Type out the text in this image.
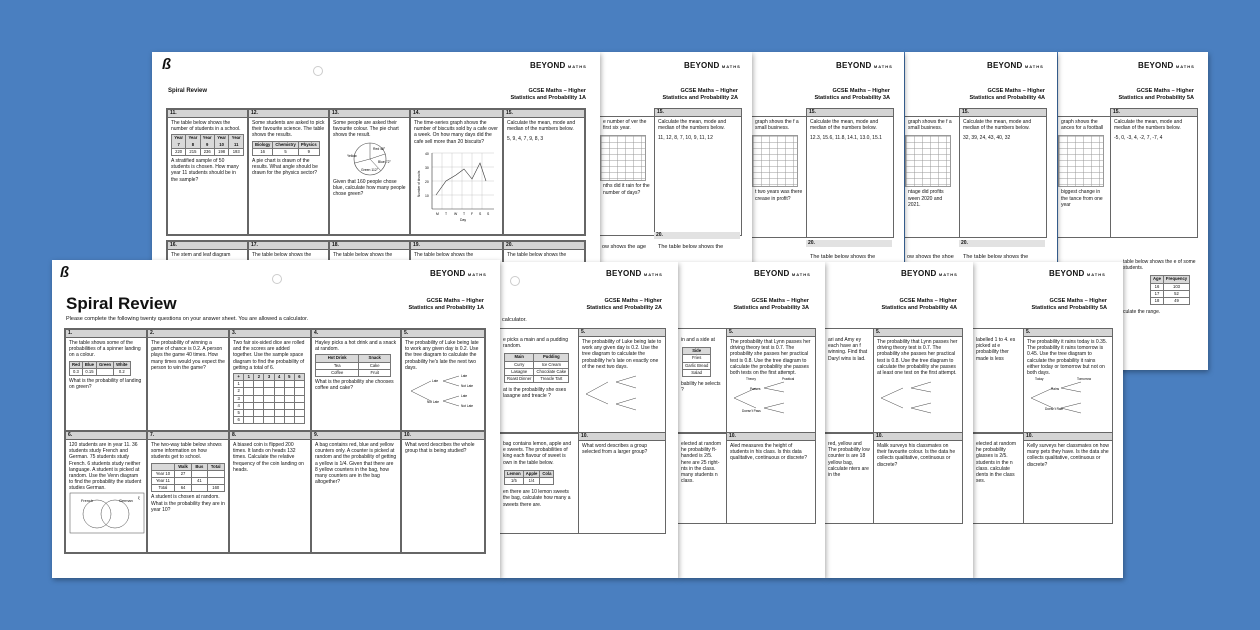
BEYOND MATHS
GCSE Maths – Higher
Statistics and Probability 5A
15.
Calculate the mean, mode and median of the numbers below.
-5, 0, -3, 4, -2, 7, -7, 4
graph shows the ances for a football
biggest change in the tance from one year
table below shows the e of some students.
Age	Frequency
16	103
17	52
18	49
culate the range.
BEYOND MATHS
GCSE Maths – Higher
Statistics and Probability 4A
15.
Calculate the mean, mode and median of the numbers below.
32, 39, 24, 43, 40, 32
graph shows the f a small business.
ntage did profits ween 2020 and 2021.
20.
ow shows the shoe The table below shows the
BEYOND MATHS
GCSE Maths – Higher
Statistics and Probability 3A
15.
Calculate the mean, mode and median of the numbers below.
12.3, 15.6, 11.8, 14.1, 13.0, 15.1
graph shows the f a small business.
t two years was there crease in profit?
20.
The table below shows the
BEYOND MATHS
GCSE Maths – Higher
Statistics and Probability 2A
15.
Calculate the mean, mode and median of the numbers below.
11, 12, 8, 7, 10, 9, 11, 12
e number of ver the first six year.
nths did it rain for the number of days?
20.
ow shows the age The table below shows the
ß	BEYOND MATHS
Spiral Review	GCSE Maths – Higher
Statistics and Probability 1A
11.
The table below shows the number of students in a school.
Year 7	Year 8	Year 9	Year 10	Year 11
220	215	236	198	193
A stratified sample of 50 students is chosen. How many year 11 students should be in the sample?
12.
Some students are asked to pick their favourite science. The table shows the results.
Biology	Chemistry	Physics
16	5	9
A pie chart is drawn of the results. What angle should be drawn for the physics sector?
13.
Some people are asked their favourite colour. The pie chart shows the result.
Red 48°
Yellow
Blue 72°
Green 112°
Given that 160 people chose blue, calculate how many people chose green?
14.
The time-series graph shows the number of biscuits sold by a cafe over a week. On how many days did the cafe sell more than 20 biscuits?
40
30
20
10
M T W T F S S
Day
Number of biscuits
15.
Calculate the mean, mode and median of the numbers below.
5, 9, 4, 7, 9, 8, 3
16.
The stem and leaf diagram
17.
The table below shows the
18.
The table below shows the
19.
The table below shows the
20.
The table below shows the
BEYOND MATHS
GCSE Maths – Higher
Statistics and Probability 5A
labelled 1 to 4. es picked at e probability ther made is less
5.
The probability it rains today is 0.35. The probability it rains tomorrow is 0.45. Use the tree diagram to calculate the probability it rains either today or tomorrow but not on both days.
Today	Tomorrow
Rains
Doesn't Rain
elected at random he probability glasses is 2/5. students in the n class. calculate dents in the class ses.
10.
Kelly surveys her classmates on how many pets they have. Is the data she collects qualitative, continuous or discrete?
BEYOND MATHS
GCSE Maths – Higher
Statistics and Probability 4A
ari and Amy ey each have an f winning. Find that Daryl wins is lad.
5.
The probability that Lynn passes her driving theory test is 0.7. The probability she passes her practical test is 0.8. Use the tree diagram to calculate the probability she passes at least one test on the first attempt.
red, yellow and The probability low counter is are 18 yellow bag, calculate nters are in the
10.
Malik surveys his classmates on their favourite colour. Is the data he collects qualitative, continuous or discrete?
BEYOND MATHS
GCSE Maths – Higher
Statistics and Probability 3A
in and a side at
Side
Fries
Garlic Bread
Salad
bability he selects ?
5.
The probability that Lynn passes her driving theory test is 0.7. The probability she passes her practical test is 0.8. Use the tree diagram to calculate the probability she passes both tests on the first attempt.
Theory	Practical
Passes
Doesn't Pass
elected at random he probability ft-handed is 2/5. here are 25 right- nts in the class. many students n class.
10.
Aled measures the height of students in his class. Is this data qualitative, continuous or discrete?
BEYOND MATHS
GCSE Maths – Higher
Statistics and Probability 2A
calculator.
e picks a main and a pudding random.
Main	Pudding
Curry	Ice Cream
Lasagne	Chocolate Cake
Roast Dinner	Treacle Tart
at is the probability she oses lasagne and treacle ?
5.
The probability of Luke being late to work any given day is 0.2. Use the tree diagram to calculate the probability he's late on exactly one of the next two days.
bag contains lemon, apple and e sweets. The probabilities of king each flavour of sweet is own in the table below.
Lemon	Apple	Cola
1/5	1/4	
en there are 10 lemon sweets the bag, calculate how many a sweets there are.
10.
What word describes a group selected from a larger group?
ß	BEYOND MATHS
Spiral Review	GCSE Maths – Higher
Statistics and Probability 1A
Please complete the following twenty questions on your answer sheet. You are allowed a calculator.
1.
The table shows some of the probabilities of a spinner landing on a colour.
Red	Blue	Green	White
0.3	0.15		0.2
What is the probability of landing on green?
2.
The probability of winning a game of chance is 0.2. A person plays the game 40 times. How many times would you expect the person to win the game?
3.
Two fair six-sided dice are rolled and the scores are added together. Use the sample space diagram to find the probability of getting a total of 6.
+	1	2	3	4	5	6
1						
2						
3						
4						
5						
6						
4.
Hayley picks a hot drink and a snack at random.
Hot Drink	Snack
Tea	Cake
Coffee	Fruit
What is the probability she chooses coffee and cake?
5.
The probability of Luke being late to work any given day is 0.2. Use the tree diagram to calculate the probability he's late the next two days.
Late
Not Late
Late
Not Late
Late
Not Late
6.
120 students are in year 11. 36 students study French and German. 75 students study French. 6 students study neither language. A student is picked at random. Use the Venn diagram to find the probability the student studies German.
French	German
ξ
7.
The two-way table below shows some information on how students get to school.
	Walk	Bus	Total
Year 10	27		
Year 11		41	
Total	64		160
A student is chosen at random. What is the probability they are in year 10?
8.
A biased coin is flipped 200 times. It lands on heads 132 times. Calculate the relative frequency of the coin landing on heads.
9.
A bag contains red, blue and yellow counters only. A counter is picked at random and the probability of getting a yellow is 1/4. Given that there are 8 yellow counters in the bag, how many counters are in the bag altogether?
10.
What word describes the whole group that is being studied?
